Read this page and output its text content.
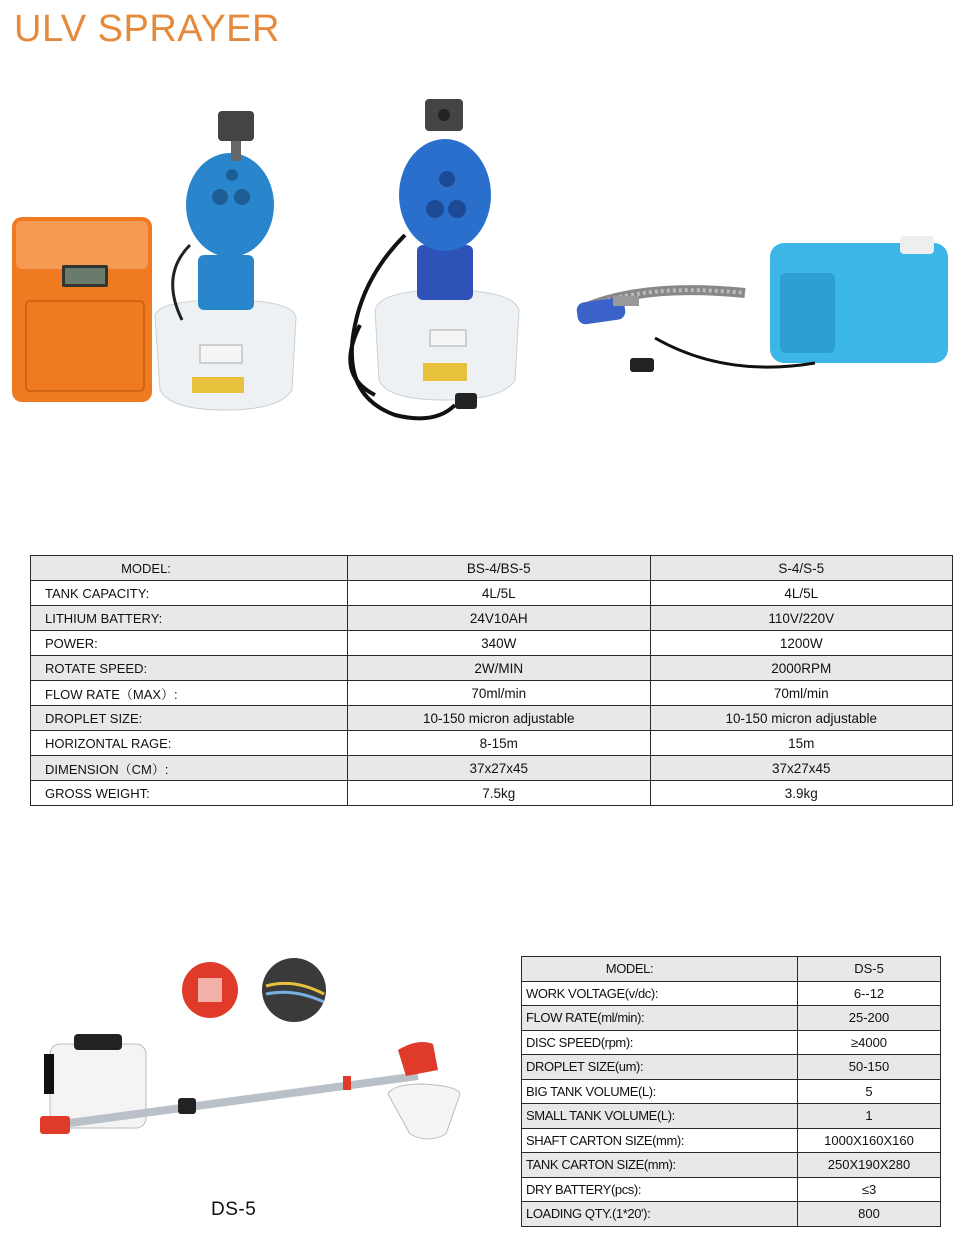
ULV SPRAYER
MODEL:	BS-4/BS-5	S-4/S-5
TANK CAPACITY:	4L/5L	4L/5L
LITHIUM BATTERY:	24V10AH	110V/220V
POWER:	340W	1200W
ROTATE SPEED:	2W/MIN	2000RPM
FLOW RATE（MAX）:	70ml/min	70ml/min
DROPLET SIZE:	10-150 micron adjustable	10-150 micron adjustable
HORIZONTAL RAGE:	8-15m	15m
DIMENSION（CM）:	37x27x45	37x27x45
GROSS WEIGHT:	7.5kg	3.9kg
DS-5
MODEL:	DS-5
WORK VOLTAGE(v/dc):	6--12
FLOW RATE(ml/min):	25-200
DISC SPEED(rpm):	≥4000
DROPLET SIZE(um):	50-150
BIG TANK VOLUME(L):	5
SMALL TANK VOLUME(L):	1
SHAFT CARTON SIZE(mm):	1000X160X160
TANK CARTON SIZE(mm):	250X190X280
DRY BATTERY(pcs):	≤3
LOADING QTY.(1*20'):	800
